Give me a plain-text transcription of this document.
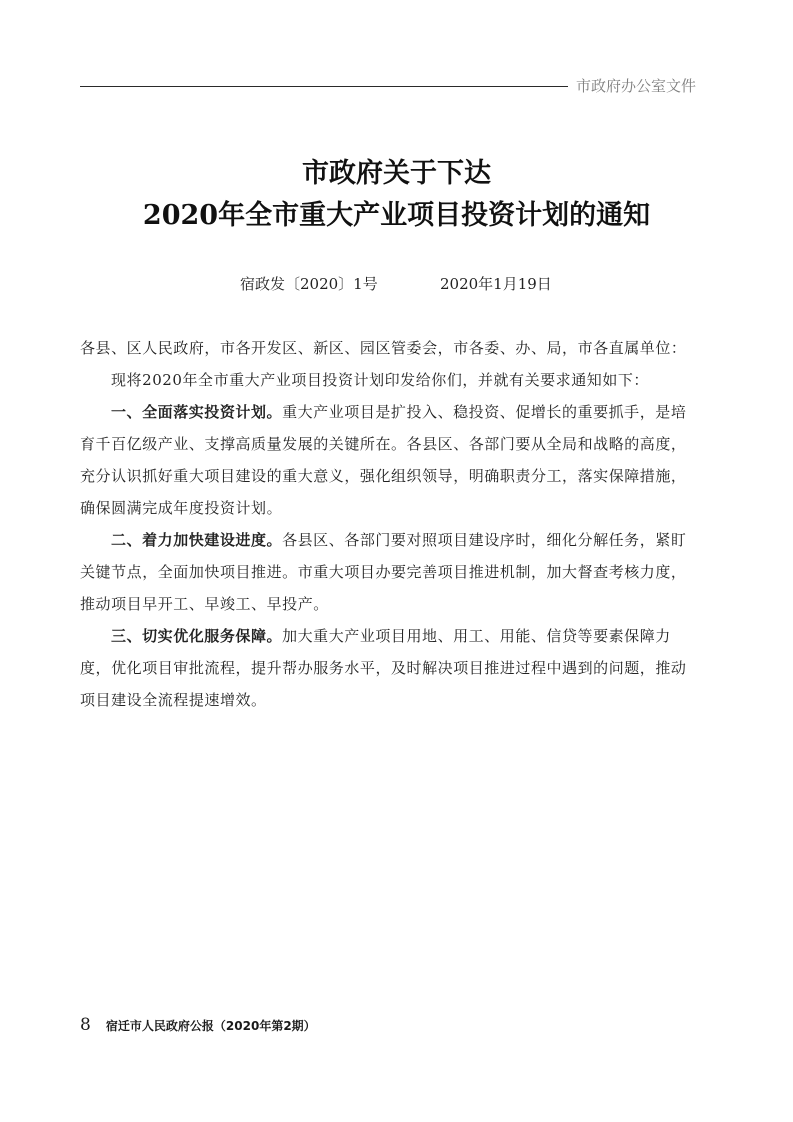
市政府办公室文件
市政府关于下达
2020年全市重大产业项目投资计划的通知
宿政发〔2020〕1号	2020年1月19日
各县、区人民政府，市各开发区、新区、园区管委会，市各委、办、局，市各直属单位：
现将2020年全市重大产业项目投资计划印发给你们，并就有关要求通知如下：
一、全面落实投资计划。重大产业项目是扩投入、稳投资、促增长的重要抓手，是培
育千百亿级产业、支撑高质量发展的关键所在。各县区、各部门要从全局和战略的高度，
充分认识抓好重大项目建设的重大意义，强化组织领导，明确职责分工，落实保障措施，
确保圆满完成年度投资计划。
二、着力加快建设进度。各县区、各部门要对照项目建设序时，细化分解任务，紧盯
关键节点，全面加快项目推进。市重大项目办要完善项目推进机制，加大督查考核力度，
推动项目早开工、早竣工、早投产。
三、切实优化服务保障。加大重大产业项目用地、用工、用能、信贷等要素保障力
度，优化项目审批流程，提升帮办服务水平，及时解决项目推进过程中遇到的问题，推动
项目建设全流程提速增效。
8 宿迁市人民政府公报（2020年第2期）
